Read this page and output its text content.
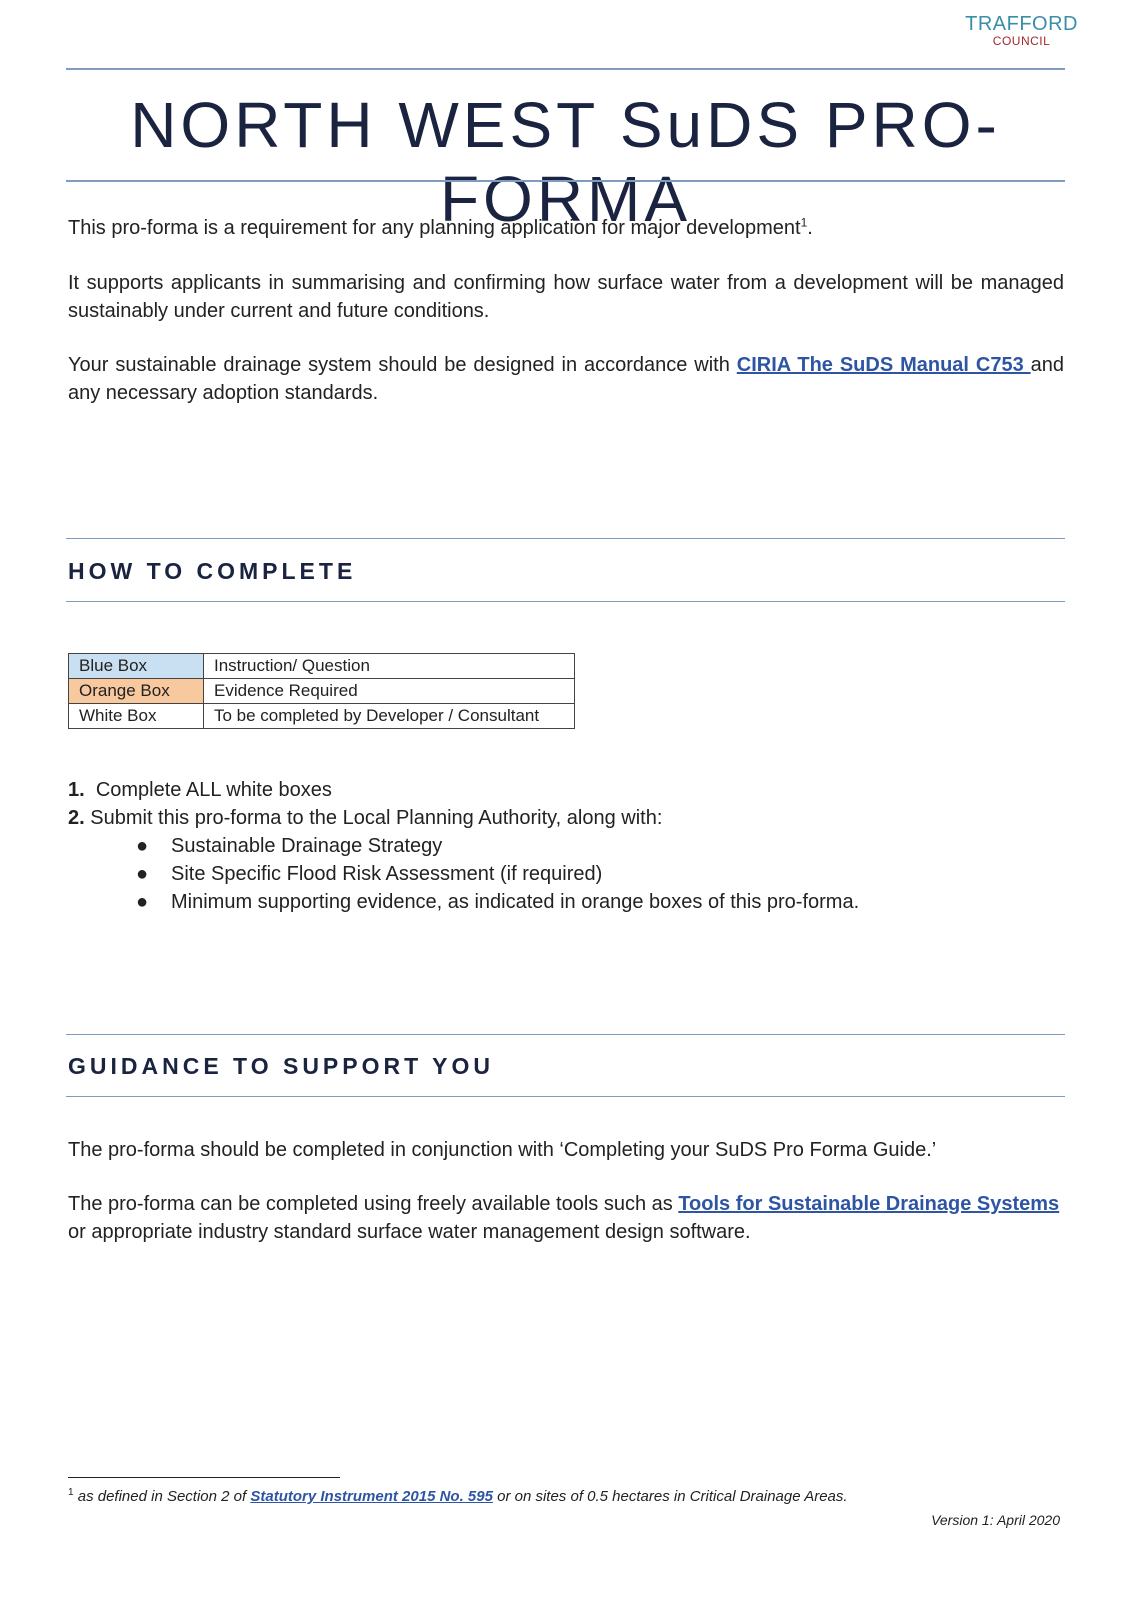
TRAFFORD
COUNCIL
NORTH WEST SuDS PRO-FORMA

This pro-forma is a requirement for any planning application for major development$^1$.

It supports applicants in summarising and confirming how surface water from a development will be managed sustainably under current and future conditions.

Your sustainable drainage system should be designed in accordance with CIRIA The SuDS Manual C753 and any necessary adoption standards.

HOW TO COMPLETE
Blue Box	Instruction/ Question
Orange Box	Evidence Required
White Box	To be completed by Developer / Consultant
1. Complete ALL white boxes
2. Submit this pro-forma to the Local Planning Authority, along with:
● Sustainable Drainage Strategy
● Site Specific Flood Risk Assessment (if required)
● Minimum supporting evidence, as indicated in orange boxes of this pro-forma.
GUIDANCE TO SUPPORT YOU

The pro-forma should be completed in conjunction with ‘Completing your SuDS Pro Forma Guide.’

The pro-forma can be completed using freely available tools such as Tools for Sustainable Drainage Systems or appropriate industry standard surface water management design software.

$^1$ as defined in Section 2 of Statutory Instrument 2015 No. 595 or on sites of 0.5 hectares in Critical Drainage Areas.
Version 1: April 2020
